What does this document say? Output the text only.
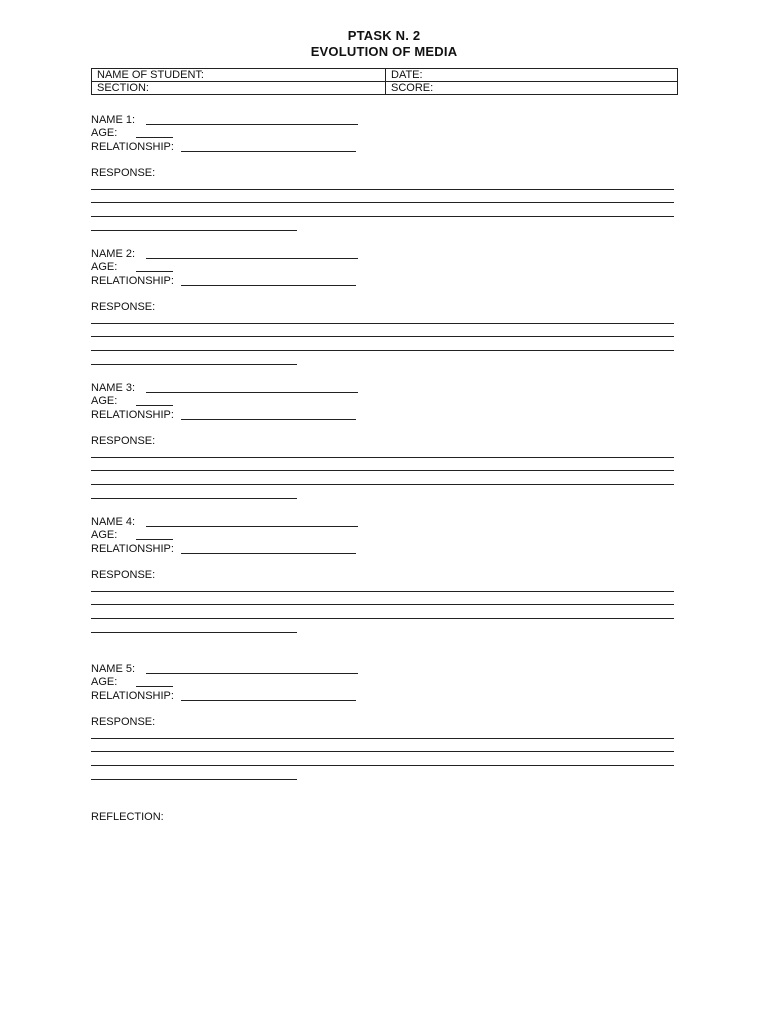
PTASK N. 2
EVOLUTION OF MEDIA
NAME OF STUDENT:	DATE:
SECTION:	SCORE:
NAME 1:
AGE:
RELATIONSHIP:
RESPONSE:
NAME 2:
AGE:
RELATIONSHIP:
RESPONSE:
NAME 3:
AGE:
RELATIONSHIP:
RESPONSE:
NAME 4:
AGE:
RELATIONSHIP:
RESPONSE:
NAME 5:
AGE:
RELATIONSHIP:
RESPONSE:
REFLECTION:
